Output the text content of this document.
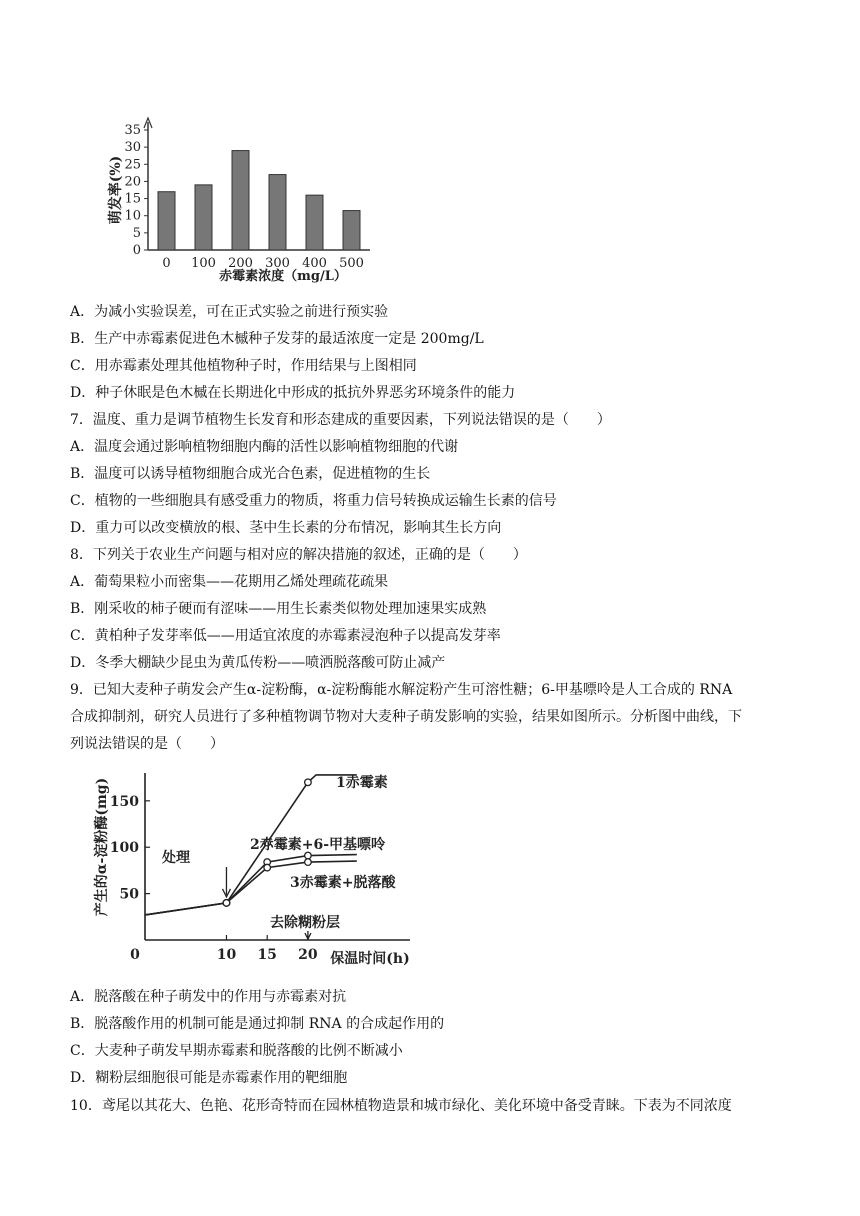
0
5
10
15
20
25
30
35
0 100 200 300 400 500
萌发率(%)
赤霉素浓度（mg/L）
A．为减小实验误差，可在正式实验之前进行预实验
B．生产中赤霉素促进色木槭种子发芽的最适浓度一定是 200mg/L
C．用赤霉素处理其他植物种子时，作用结果与上图相同
D．种子休眠是色木槭在长期进化中形成的抵抗外界恶劣环境条件的能力
7．温度、重力是调节植物生长发育和形态建成的重要因素，下列说法错误的是（　　）
A．温度会通过影响植物细胞内酶的活性以影响植物细胞的代谢
B．温度可以诱导植物细胞合成光合色素，促进植物的生长
C．植物的一些细胞具有感受重力的物质，将重力信号转换成运输生长素的信号
D．重力可以改变横放的根、茎中生长素的分布情况，影响其生长方向
8．下列关于农业生产问题与相对应的解决措施的叙述，正确的是（　　）
A．葡萄果粒小而密集——花期用乙烯处理疏花疏果
B．刚采收的柿子硬而有涩味——用生长素类似物处理加速果实成熟
C．黄柏种子发芽率低——用适宜浓度的赤霉素浸泡种子以提高发芽率
D．冬季大棚缺少昆虫为黄瓜传粉——喷洒脱落酸可防止减产
9．已知大麦种子萌发会产生α-淀粉酶，α-淀粉酶能水解淀粉产生可溶性糖；6-甲基嘌呤是人工合成的 RNA
合成抑制剂，研究人员进行了多种植物调节物对大麦种子萌发影响的实验，结果如图所示。分析图中曲线，下
列说法错误的是（　　）
50
100
150
0	10 15 20
产生的α-淀粉酶(mg)
保温时间(h)
处理
去除糊粉层
1赤霉素
2赤霉素+6-甲基嘌呤
3赤霉素+脱落酸
A．脱落酸在种子萌发中的作用与赤霉素对抗
B．脱落酸作用的机制可能是通过抑制 RNA 的合成起作用的
C．大麦种子萌发早期赤霉素和脱落酸的比例不断减小
D．糊粉层细胞很可能是赤霉素作用的靶细胞
10．鸢尾以其花大、色艳、花形奇特而在园林植物造景和城市绿化、美化环境中备受青睐。下表为不同浓度
